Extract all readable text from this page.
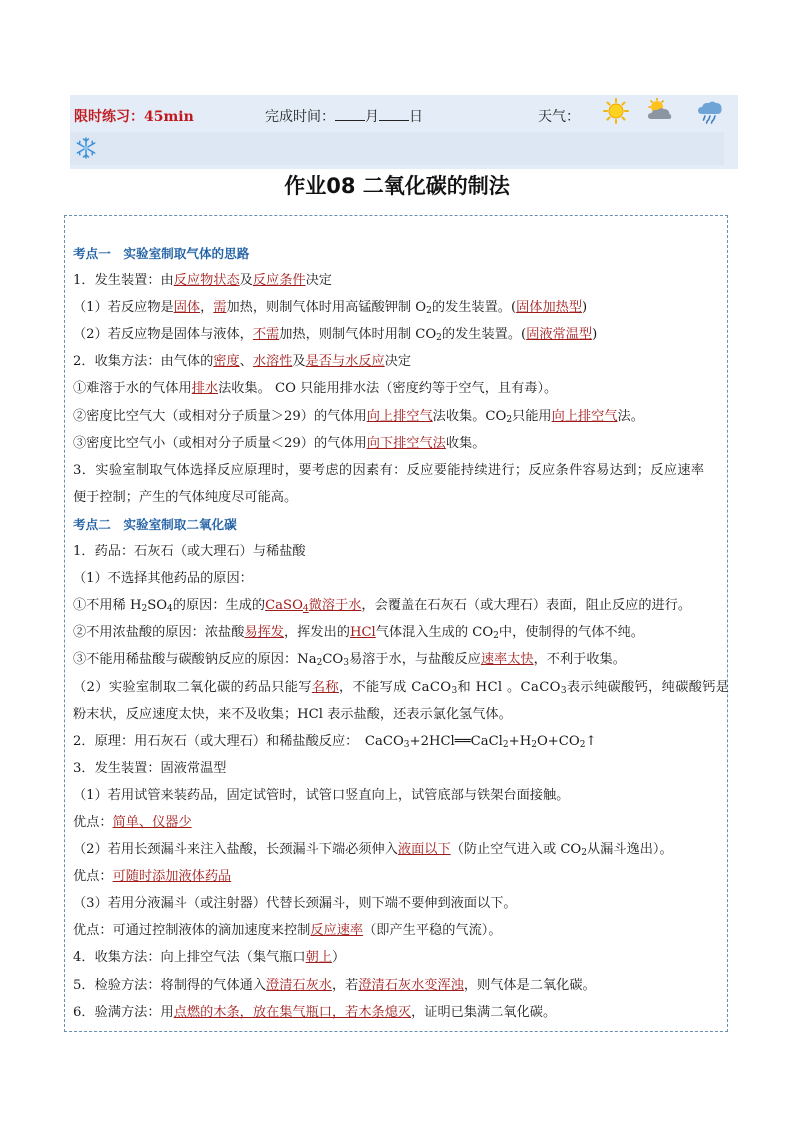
限时练习：45min	完成时间： 月 日	天气：
作业08 二氧化碳的制法
考点一　实验室制取气体的思路
1．发生装置：由反应物状态及反应条件决定
（1）若反应物是固体，需加热，则制气体时用高锰酸钾制 $O_2$的发生装置。(固体加热型)
（2）若反应物是固体与液体，不需加热，则制气体时用制 $CO_2$的发生装置。(固液常温型)
2．收集方法：由气体的密度、水溶性及是否与水反应决定
①难溶于水的气体用排水法收集。 CO 只能用排水法（密度约等于空气，且有毒）。
②密度比空气大（或相对分子质量＞29）的气体用向上排空气法收集。$CO_2$只能用向上排空气法。
③密度比空气小（或相对分子质量＜29）的气体用向下排空气法收集。
3．实验室制取气体选择反应原理时，要考虑的因素有：反应要能持续进行；反应条件容易达到；反应速率
便于控制；产生的气体纯度尽可能高。
考点二　实验室制取二氧化碳
1．药品：石灰石（或大理石）与稀盐酸
（1）不选择其他药品的原因：
①不用稀 $H_2SO_4$的原因：生成的CaSO$_4$微溶于水，会覆盖在石灰石（或大理石）表面，阻止反应的进行。
②不用浓盐酸的原因：浓盐酸易挥发，挥发出的HCl气体混入生成的 $CO_2$中，使制得的气体不纯。
③不能用稀盐酸与碳酸钠反应的原因：$Na_2CO_3$易溶于水，与盐酸反应速率太快，不利于收集。
（2）实验室制取二氧化碳的药品只能写名称，不能写成 CaCO$_3$和 HCl 。CaCO$_3$表示纯碳酸钙，纯碳酸钙是
粉末状，反应速度太快，来不及收集；HCl 表示盐酸，还表示氯化氢气体。
2．原理：用石灰石（或大理石）和稀盐酸反应：　$CaCO_3+2HCl══CaCl_2+H_2O+CO_2↑$
3．发生装置：固液常温型
（1）若用试管来装药品，固定试管时，试管口竖直向上，试管底部与铁架台面接触。
优点：简单、仪器少
（2）若用长颈漏斗来注入盐酸，长颈漏斗下端必须伸入液面以下（防止空气进入或 $CO_2$从漏斗逸出）。
优点：可随时添加液体药品
（3）若用分液漏斗（或注射器）代替长颈漏斗，则下端不要伸到液面以下。
优点：可通过控制液体的滴加速度来控制反应速率（即产生平稳的气流）。
4．收集方法：向上排空气法（集气瓶口朝上）
5．检验方法：将制得的气体通入澄清石灰水，若澄清石灰水变浑浊，则气体是二氧化碳。
6．验满方法：用点燃的木条，放在集气瓶口，若木条熄灭，证明已集满二氧化碳。
